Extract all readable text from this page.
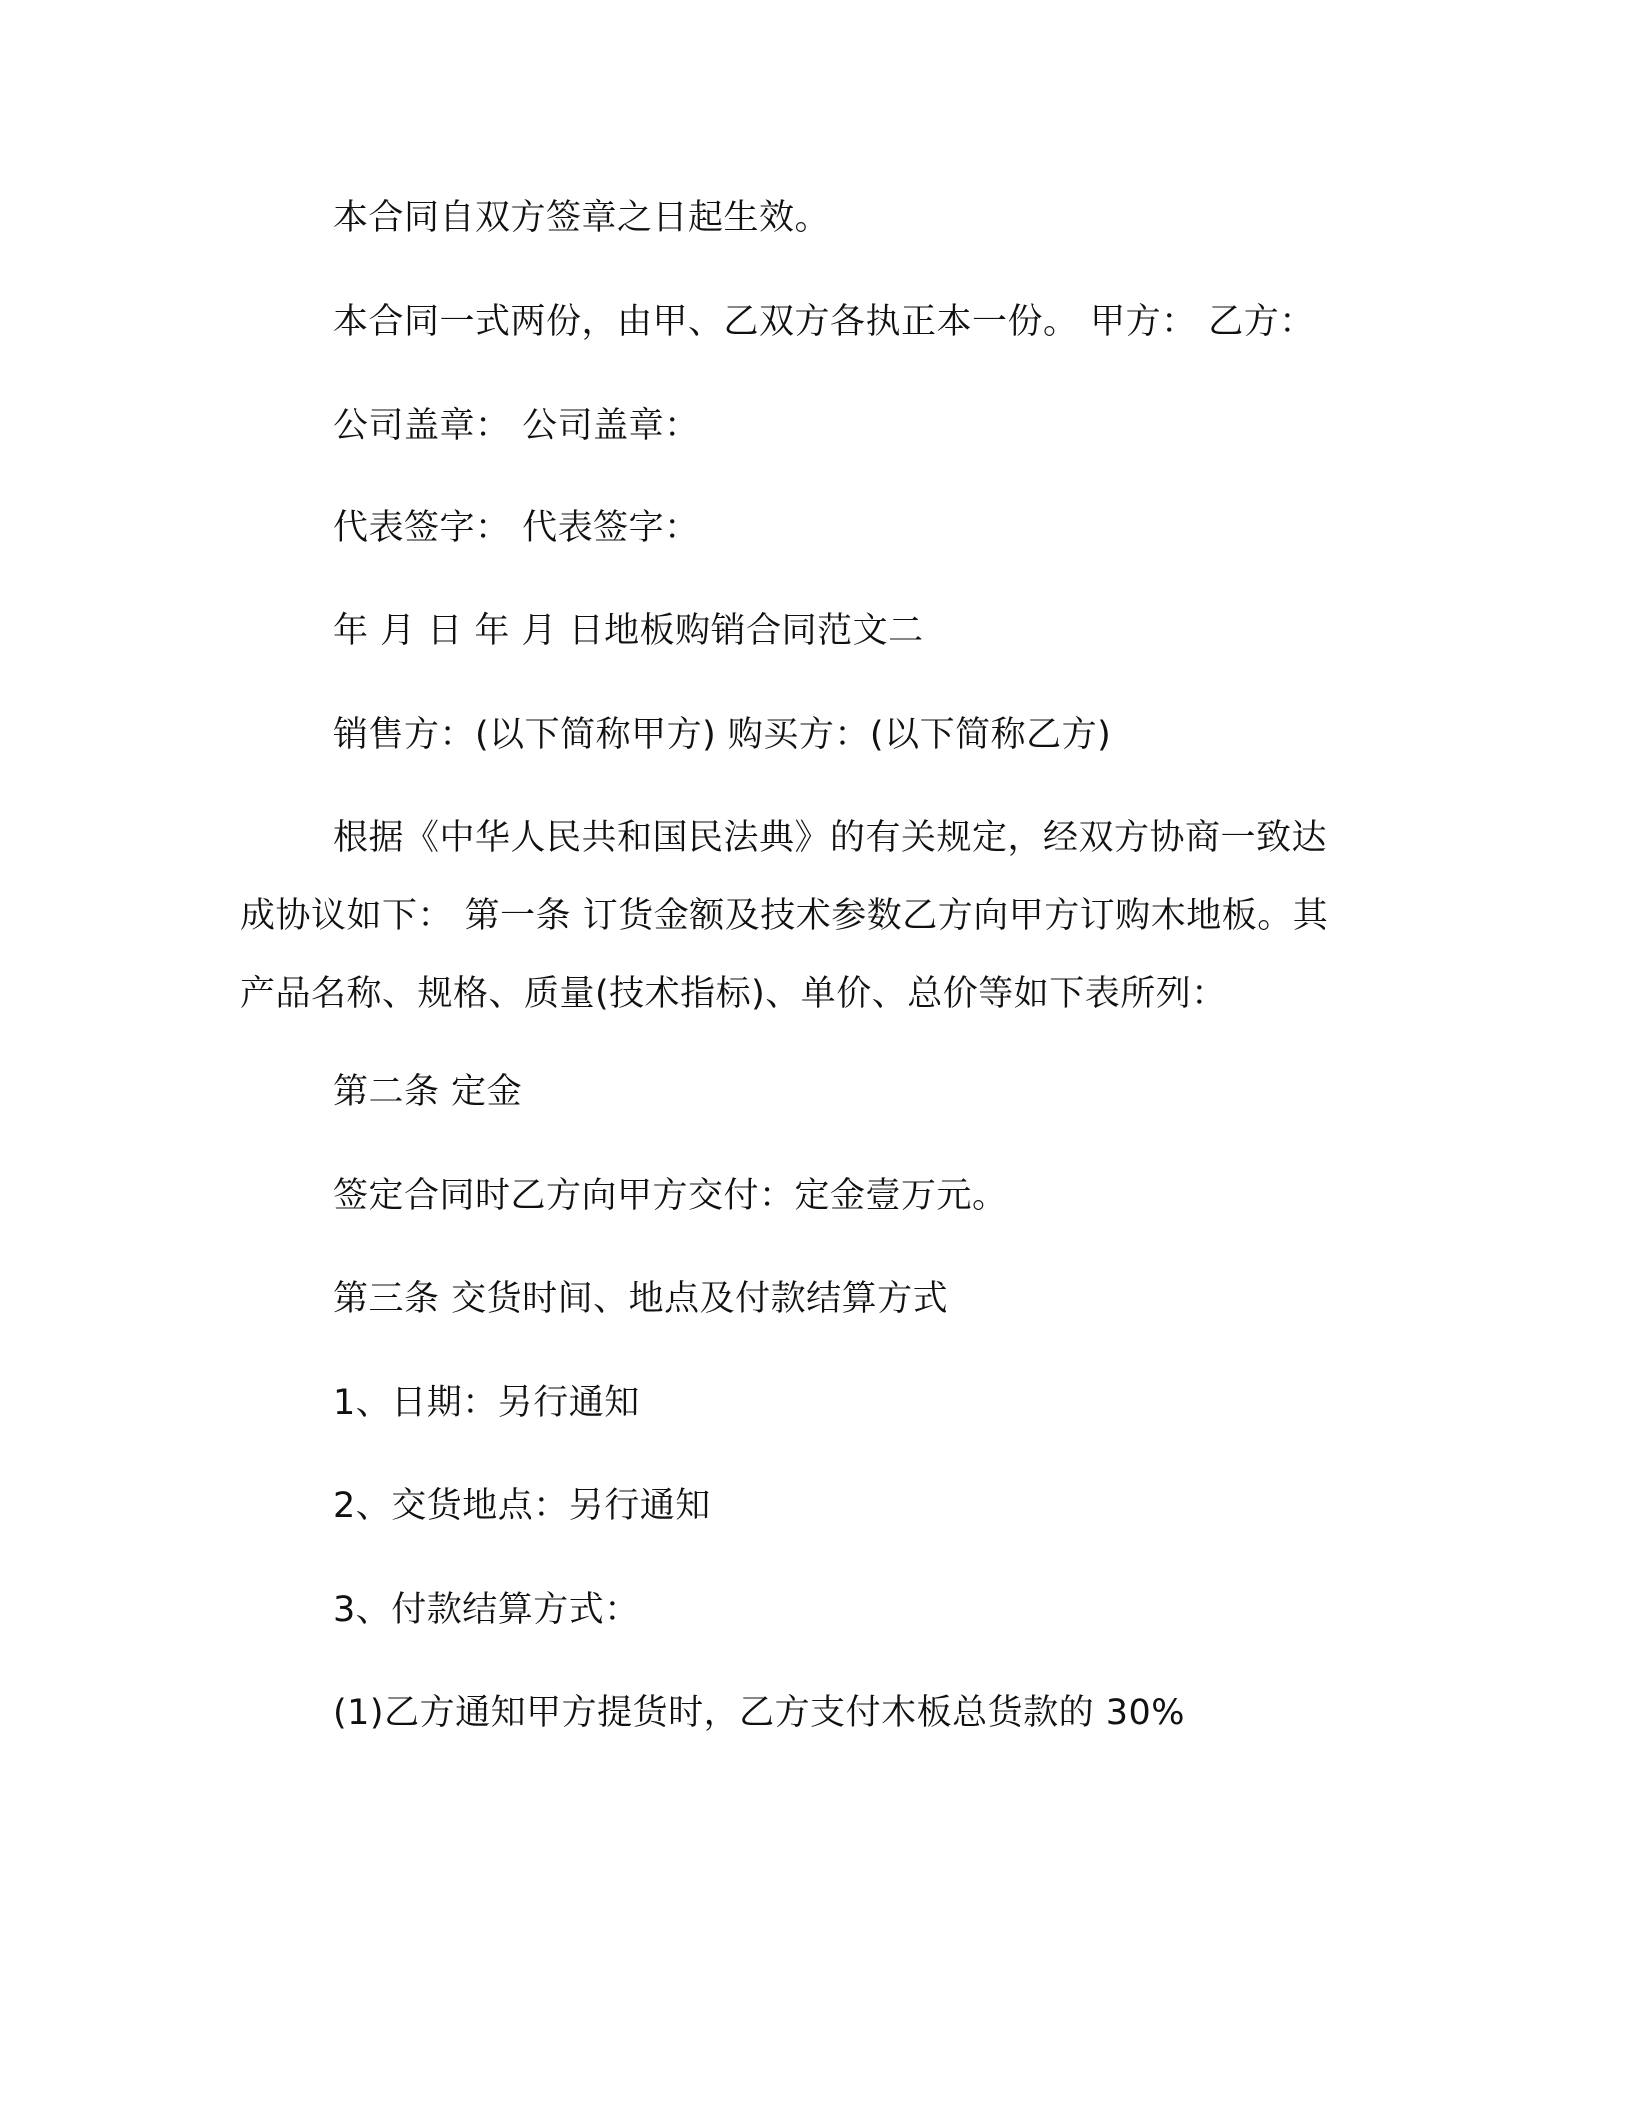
本合同自双方签章之日起生效。
本合同一式两份，由甲、乙双方各执正本一份。 甲方： 乙方：
公司盖章： 公司盖章：
代表签字： 代表签字：
年 月 日 年 月 日地板购销合同范文二
销售方：(以下简称甲方) 购买方：(以下简称乙方)
根据《中华人民共和国民法典》的有关规定，经双方协商一致达
成协议如下： 第一条 订货金额及技术参数乙方向甲方订购木地板。其
产品名称、规格、质量(技术指标)、单价、总价等如下表所列：
第二条 定金
签定合同时乙方向甲方交付：定金壹万元。
第三条 交货时间、地点及付款结算方式
1、日期：另行通知
2、交货地点：另行通知
3、付款结算方式：
(1)乙方通知甲方提货时，乙方支付木板总货款的 30%
